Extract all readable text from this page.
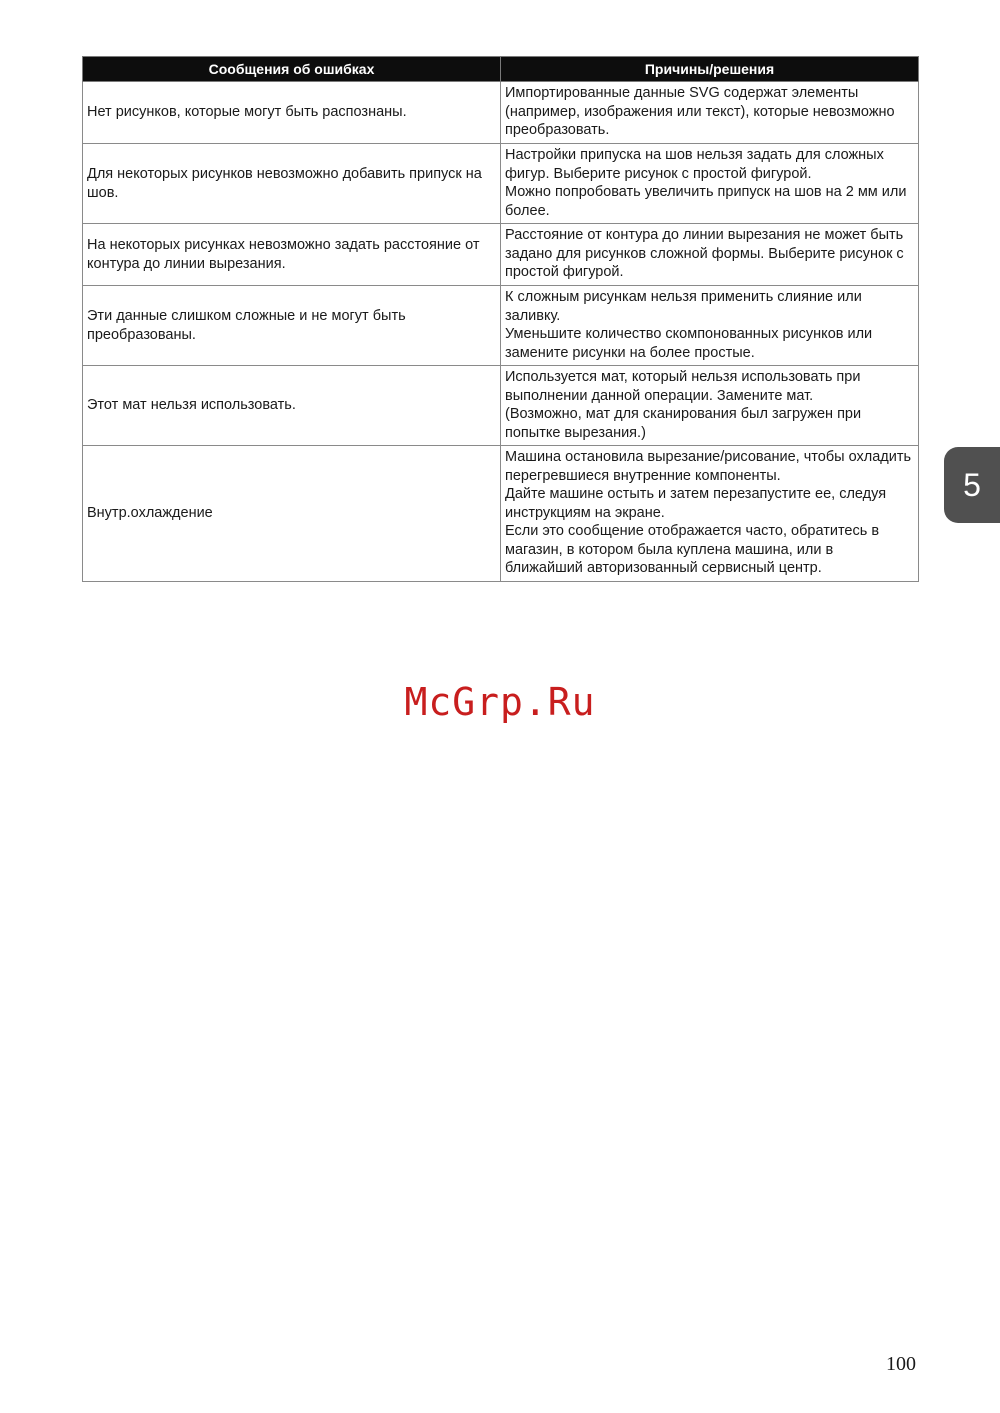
Сообщения об ошибках	Причины/решения
Нет рисунков, которые могут быть распознаны.	Импортированные данные SVG содержат элементы (например, изображения или текст), которые невозможно преобразовать.

Для некоторых рисунков невозможно добавить припуск на шов.	Настройки припуска на шов нельзя задать для сложных фигур. Выберите рисунок с простой фигурой.
Можно попробовать увеличить припуск на шов на 2 мм или более.

На некоторых рисунках невозможно задать расстояние от контура до линии вырезания.	Расстояние от контура до линии вырезания не может быть задано для рисунков сложной формы. Выберите рисунок с простой фигурой.

Эти данные слишком сложные и не могут быть преобразованы.	К сложным рисункам нельзя применить слияние или заливку.
Уменьшите количество скомпонованных рисунков или замените рисунки на более простые.

Этот мат нельзя использовать.	Используется мат, который нельзя использовать при выполнении данной операции. Замените мат.
(Возможно, мат для сканирования был загружен при попытке вырезания.)

Внутр.охлаждение	Машина остановила вырезание/рисование, чтобы охладить перегревшиеся внутренние компоненты.
Дайте машине остыть и затем перезапустите ее, следуя инструкциям на экране.
Если это сообщение отображается часто, обратитесь в магазин, в котором была куплена машина, или в ближайший авторизованный сервисный центр.
5
McGrp.Ru
100
